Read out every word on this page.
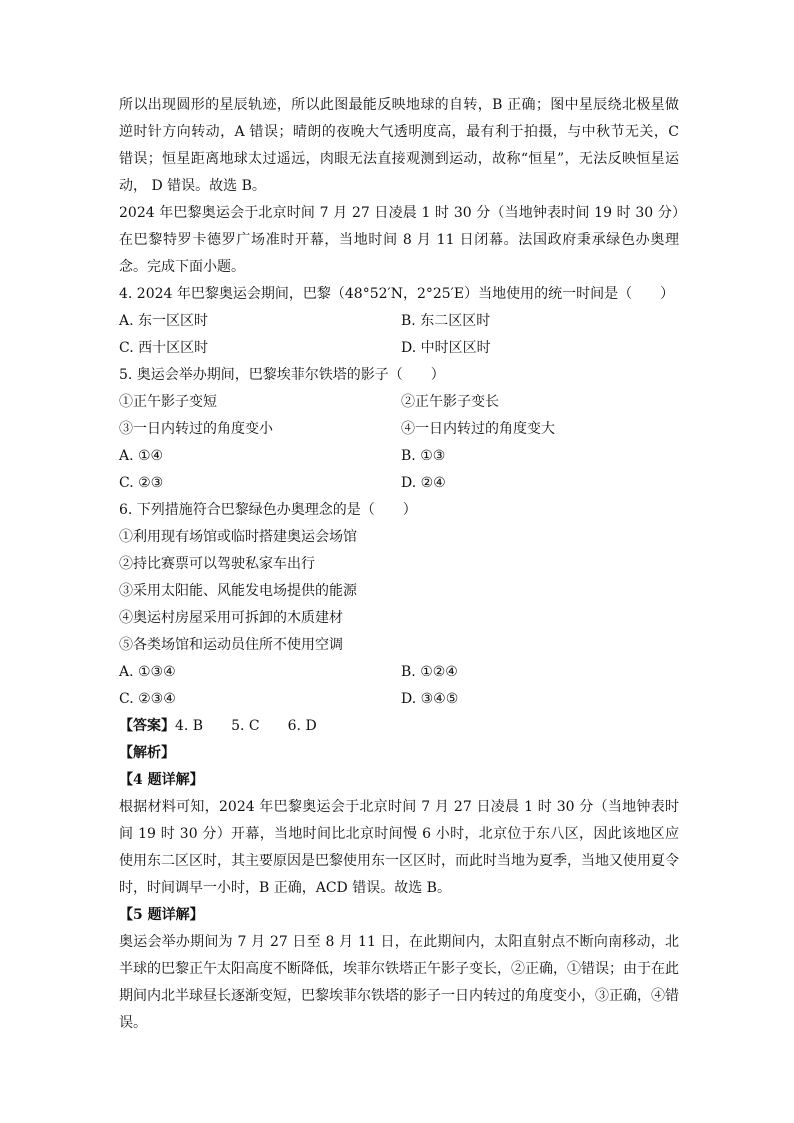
所以出现圆形的星辰轨迹，所以此图最能反映地球的自转，B 正确；图中星辰绕北极星做逆时针方向转动，A 错误；晴朗的夜晚大气透明度高，最有利于拍摄，与中秋节无关，C 错误；恒星距离地球太过遥远，肉眼无法直接观测到运动，故称“恒星”，无法反映恒星运动， D 错误。故选 B。

2024 年巴黎奥运会于北京时间 7 月 27 日凌晨 1 时 30 分（当地钟表时间 19 时 30 分）在巴黎特罗卡德罗广场准时开幕，当地时间 8 月 11 日闭幕。法国政府秉承绿色办奥理念。完成下面小题。

4. 2024 年巴黎奥运会期间，巴黎（48°52′N，2°25′E）当地使用的统一时间是（　　）
A. 东一区区时	B. 东二区区时
C. 西十区区时	D. 中时区区时
5. 奥运会举办期间，巴黎埃菲尔铁塔的影子（　　）
①正午影子变短	②正午影子变长
③一日内转过的角度变小	④一日内转过的角度变大
A. ①④	B. ①③
C. ②③	D. ②④
6. 下列措施符合巴黎绿色办奥理念的是（　　）
①利用现有场馆或临时搭建奥运会场馆
②持比赛票可以驾驶私家车出行
③采用太阳能、风能发电场提供的能源
④奥运村房屋采用可拆卸的木质建材
⑤各类场馆和运动员住所不使用空调
A. ①③④	B. ①②④
C. ②③④	D. ③④⑤
【答案】4. B 5. C 6. D
【解析】
【4 题详解】

根据材料可知，2024 年巴黎奥运会于北京时间 7 月 27 日凌晨 1 时 30 分（当地钟表时间 19 时 30 分）开幕，当地时间比北京时间慢 6 小时，北京位于东八区，因此该地区应使用东二区区时，其主要原因是巴黎使用东一区区时，而此时当地为夏季，当地又使用夏令时，时间调早一小时，B 正确，ACD 错误。故选 B。

【5 题详解】

奥运会举办期间为 7 月 27 日至 8 月 11 日，在此期间内，太阳直射点不断向南移动，北半球的巴黎正午太阳高度不断降低，埃菲尔铁塔正午影子变长，②正确，①错误；由于在此期间内北半球昼长逐渐变短，巴黎埃菲尔铁塔的影子一日内转过的角度变小，③正确，④错误。
